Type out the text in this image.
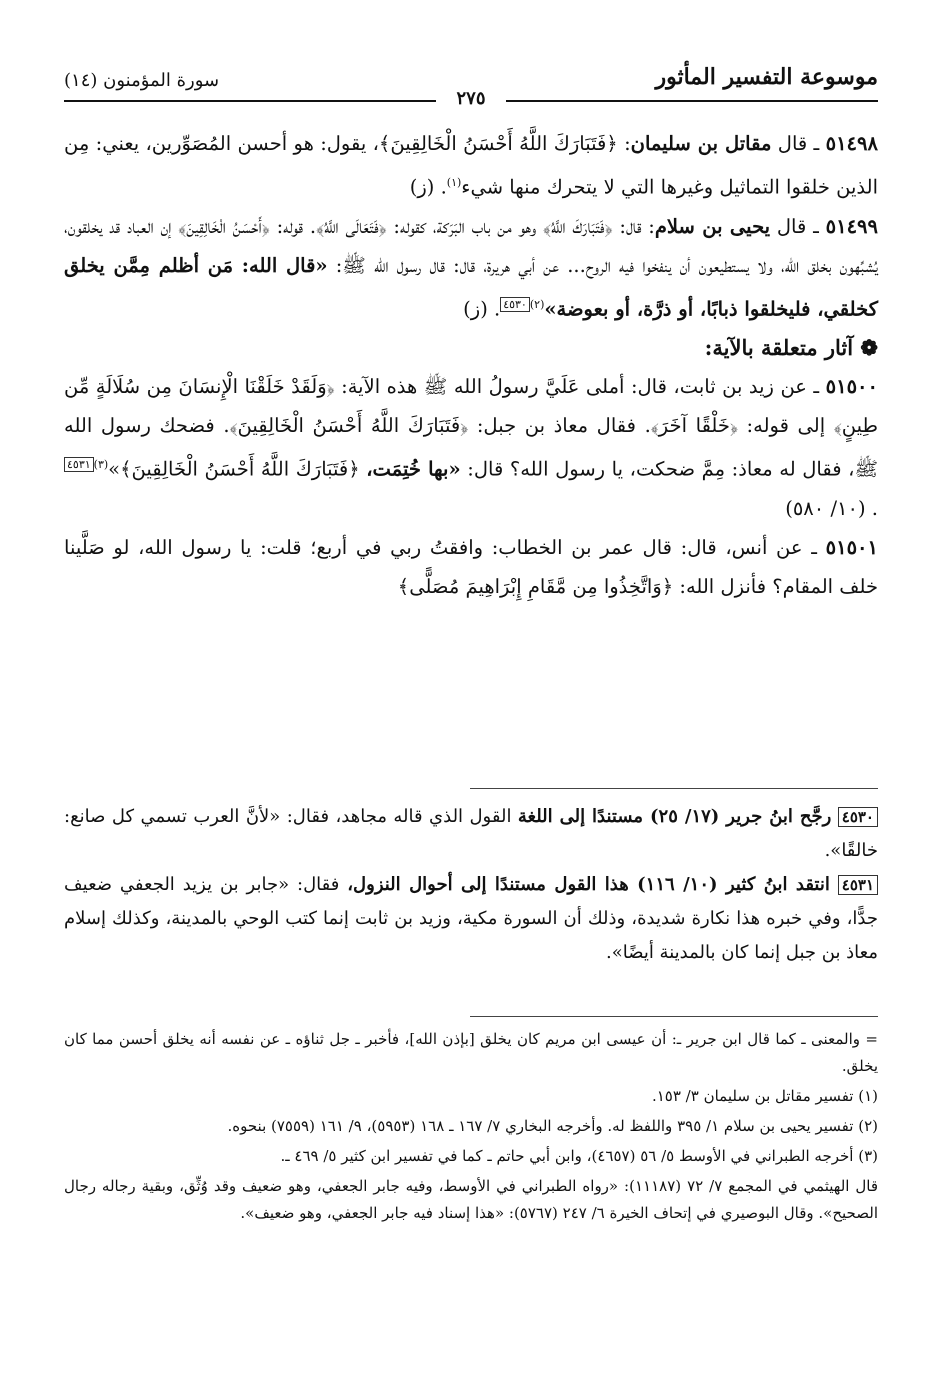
سورة المؤمنون (١٤)	موسوعة التفسير المأثور
٢٧٥

٥١٤٩٨ ـ قال مقاتل بن سليمان: ﴿فَتَبَارَكَ اللَّهُ أَحْسَنُ الْخَالِقِينَ﴾، يقول: هو أحسن المُصَوِّرين، يعني: مِن الذين خلقوا التماثيل وغيرها التي لا يتحرك منها شيء$^{(١)}$. (ز)

٥١٤٩٩ ـ قال يحيى بن سلام: قال: ﴿فَتَبَارَكَ اللَّهُ﴾ وهو من باب البَرَكة، كقوله: ﴿فَتَعَالَى اللَّهُ﴾. قوله: ﴿أَحْسَنُ الْخَالِقِينَ﴾ إن العباد قد يخلقون، يُشبِّهون بخلق الله، ولا يستطيعون أن ينفخوا فيه الروح... عن أبي هريرة، قال: قال رسول الله ﷺ: «قال الله: مَن أظلم مِمَّن يخلق كخلقي، فليخلقوا ذبابًا، أو ذرَّة، أو بعوضة»$^{(٢)}$٤٥٣٠. (ز)

❁ آثار متعلقة بالآية:

٥١٥٠٠ ـ عن زيد بن ثابت، قال: أملى عَلَيَّ رسولُ الله ﷺ هذه الآية: ﴿وَلَقَدْ خَلَقْنَا الْإِنسَانَ مِن سُلَالَةٍ مِّن طِينٍ﴾ إلى قوله: ﴿خَلْقًا آخَرَ﴾. فقال معاذ بن جبل: ﴿فَتَبَارَكَ اللَّهُ أَحْسَنُ الْخَالِقِينَ﴾. فضحك رسول الله ﷺ، فقال له معاذ: مِمَّ ضحكت، يا رسول الله؟ قال: «بها خُتِمَت، ﴿فَتَبَارَكَ اللَّهُ أَحْسَنُ الْخَالِقِينَ﴾»$^{(٣)}$٤٥٣١. (١٠/ ٥٨٠)

٥١٥٠١ ـ عن أنس، قال: قال عمر بن الخطاب: وافقتُ ربي في أربع؛ قلت: يا رسول الله، لو صَلَّينا خلف المقام؟ فأنزل الله: ﴿وَاتَّخِذُوا مِن مَّقَامِ إِبْرَاهِيمَ مُصَلًّى﴾

٤٥٣٠ رجَّح ابنُ جرير (١٧/ ٢٥) مستندًا إلى اللغة القول الذي قاله مجاهد، فقال: «لأنَّ العرب تسمي كل صانع: خالقًا».

٤٥٣١ انتقد ابنُ كثير (١٠/ ١١٦) هذا القول مستندًا إلى أحوال النزول، فقال: «جابر بن يزيد الجعفي ضعيف جدًّا، وفي خبره هذا نكارة شديدة، وذلك أن السورة مكية، وزيد بن ثابت إنما كتب الوحي بالمدينة، وكذلك إسلام معاذ بن جبل إنما كان بالمدينة أيضًا».

= والمعنى ـ كما قال ابن جرير ـ: أن عيسى ابن مريم كان يخلق [بإذن الله]، فأخبر ـ جل ثناؤه ـ عن نفسه أنه يخلق أحسن مما كان يخلق.

(١) تفسير مقاتل بن سليمان ٣/ ١٥٣.

(٢) تفسير يحيى بن سلام ١/ ٣٩٥ واللفظ له. وأخرجه البخاري ٧/ ١٦٧ ـ ١٦٨ (٥٩٥٣)، ٩/ ١٦١ (٧٥٥٩) بنحوه.

(٣) أخرجه الطبراني في الأوسط ٥/ ٥٦ (٤٦٥٧)، وابن أبي حاتم ـ كما في تفسير ابن كثير ٥/ ٤٦٩ ـ.

قال الهيثمي في المجمع ٧/ ٧٢ (١١١٨٧): «رواه الطبراني في الأوسط، وفيه جابر الجعفي، وهو ضعيف وقد وُثِّق، وبقية رجاله رجال الصحيح». وقال البوصيري في إتحاف الخيرة ٦/ ٢٤٧ (٥٧٦٧): «هذا إسناد فيه جابر الجعفي، وهو ضعيف».
